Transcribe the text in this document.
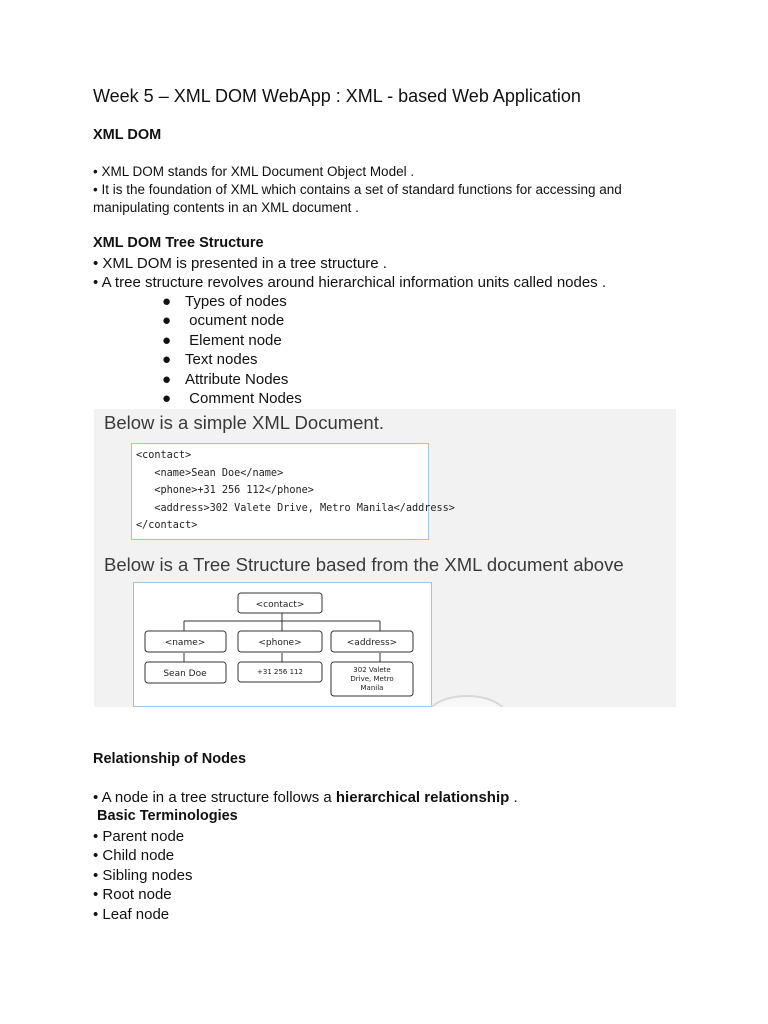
Week 5 – XML DOM WebApp : XML - based Web Application
XML DOM
• XML DOM stands for XML Document Object Model .
• It is the foundation of XML which contains a set of standard functions for accessing and
manipulating contents in an XML document .
XML DOM Tree Structure
• XML DOM is presented in a tree structure .
• A tree structure revolves around hierarchical information units called nodes .
● Types of nodes
● ocument node
● Element node
● Text nodes
● Attribute Nodes
● Comment Nodes
Below is a simple XML Document.
<contact>
<name>Sean Doe</name>
<phone>+31 256 112</phone>
<address>302 Valete Drive, Metro Manila</address>
</contact>
Below is a Tree Structure based from the XML document above
<contact>
<name>	<phone>	<address>
Sean Doe	+31 256 112	302 Valete
Drive, Metro
Manila
Relationship of Nodes
• A node in a tree structure follows a hierarchical relationship .
Basic Terminologies
• Parent node
• Child node
• Sibling nodes
• Root node
• Leaf node
